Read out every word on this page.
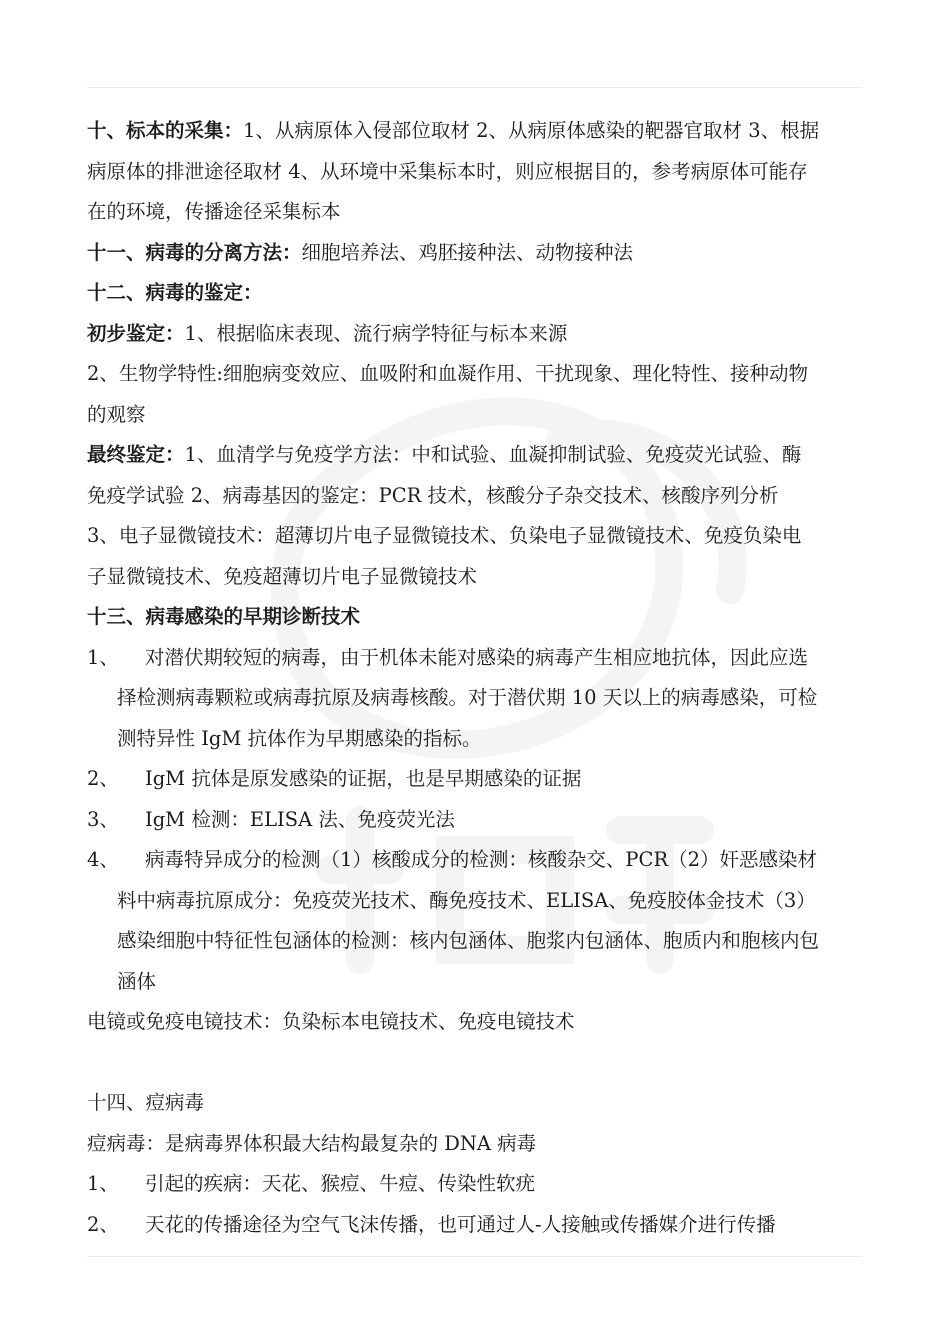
十、标本的采集：1、从病原体入侵部位取材 2、从病原体感染的靶器官取材 3、根据
病原体的排泄途径取材 4、从环境中采集标本时，则应根据目的，参考病原体可能存
在的环境，传播途径采集标本
十一、病毒的分离方法：细胞培养法、鸡胚接种法、动物接种法
十二、病毒的鉴定：
初步鉴定：1、根据临床表现、流行病学特征与标本来源
2、生物学特性:细胞病变效应、血吸附和血凝作用、干扰现象、理化特性、接种动物
的观察
最终鉴定：1、血清学与免疫学方法：中和试验、血凝抑制试验、免疫荧光试验、酶
免疫学试验 2、病毒基因的鉴定：PCR 技术，核酸分子杂交技术、核酸序列分析
3、电子显微镜技术：超薄切片电子显微镜技术、负染电子显微镜技术、免疫负染电
子显微镜技术、免疫超薄切片电子显微镜技术
十三、病毒感染的早期诊断技术
1、	对潜伏期较短的病毒，由于机体未能对感染的病毒产生相应地抗体，因此应选
择检测病毒颗粒或病毒抗原及病毒核酸。对于潜伏期 10 天以上的病毒感染，可检
测特异性 IgM 抗体作为早期感染的指标。
2、	IgM 抗体是原发感染的证据，也是早期感染的证据
3、	IgM 检测：ELISA 法、免疫荧光法
4、	病毒特异成分的检测（1）核酸成分的检测：核酸杂交、PCR（2）奸恶感染材
料中病毒抗原成分：免疫荧光技术、酶免疫技术、ELISA、免疫胶体金技术（3）
感染细胞中特征性包涵体的检测：核内包涵体、胞浆内包涵体、胞质内和胞核内包
涵体
电镜或免疫电镜技术：负染标本电镜技术、免疫电镜技术
十四、痘病毒
痘病毒：是病毒界体积最大结构最复杂的 DNA 病毒
1、	引起的疾病：天花、猴痘、牛痘、传染性软疣
2、	天花的传播途径为空气飞沫传播，也可通过人-人接触或传播媒介进行传播
